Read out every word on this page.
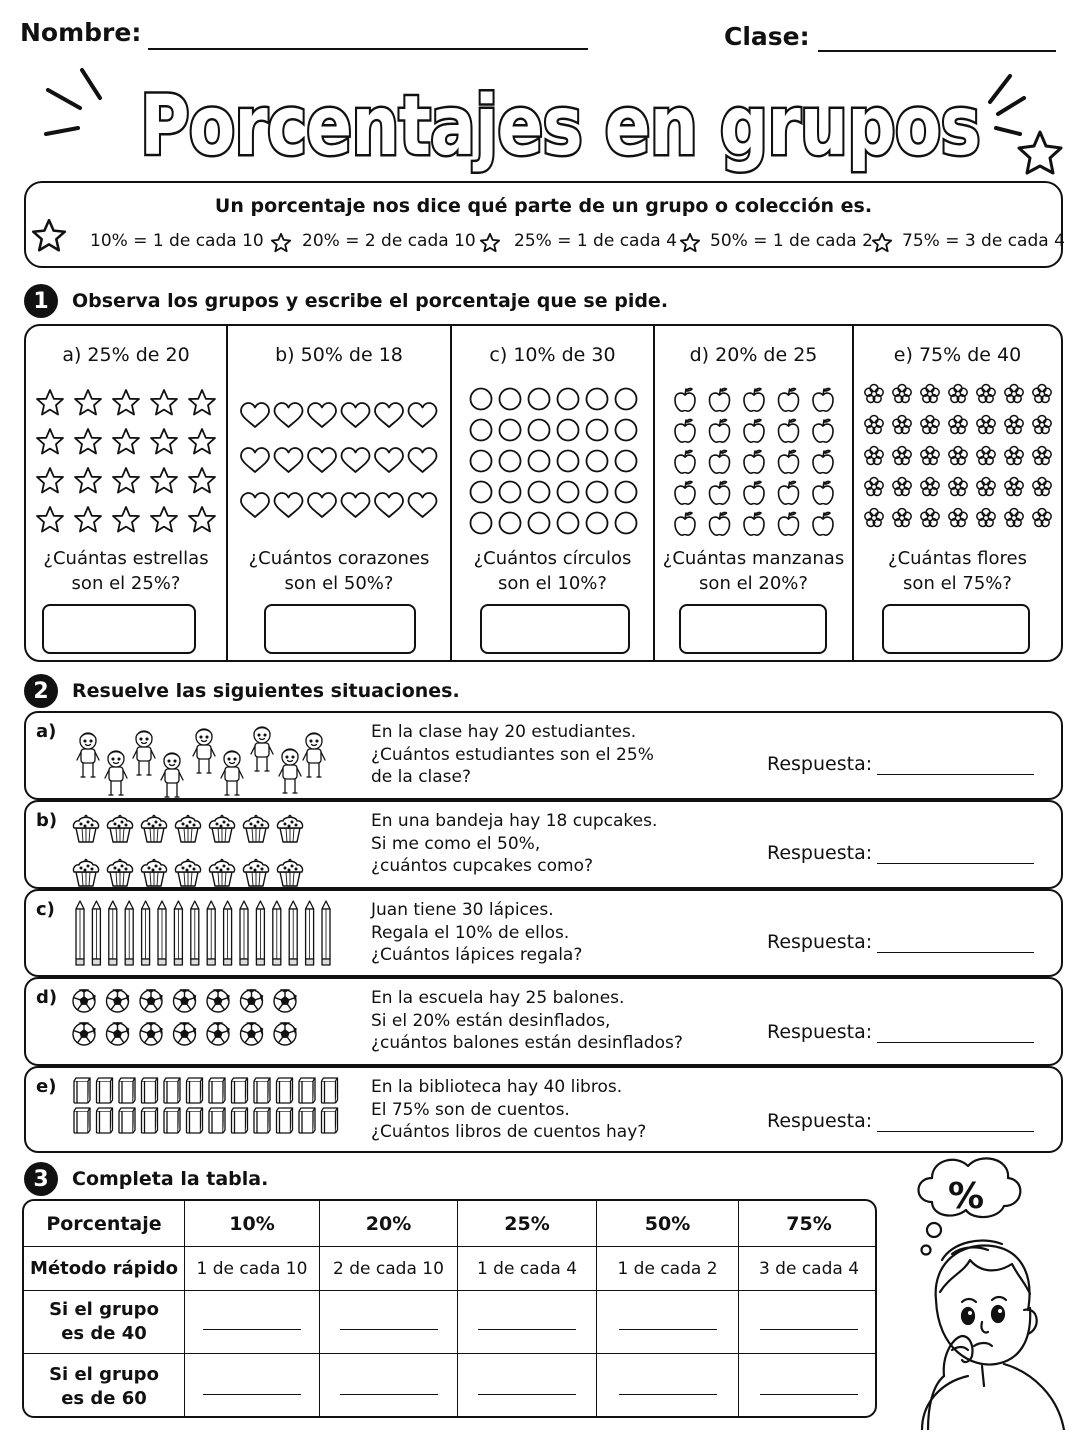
Nombre:	Clase:
Porcentajes en grupos
Un porcentaje nos dice qué parte de un grupo o colección es.
10% = 1 de cada 10 20% = 2 de cada 10 25% = 1 de cada 4 50% = 1 de cada 2 75% = 3 de cada 4
1	Observa los grupos y escribe el porcentaje que se pide.
a) 25% de 20
¿Cuántas estrellas
son el 25%?
b) 50% de 18
¿Cuántos corazones
son el 50%?
c) 10% de 30
¿Cuántos círculos
son el 10%?
d) 20% de 25
¿Cuántas manzanas
son el 20%?
e) 75% de 40
¿Cuántas flores
son el 75%?
2	Resuelve las siguientes situaciones.
a)	En la clase hay 20 estudiantes.
¿Cuántos estudiantes son el 25%
de la clase?
Respuesta:
b)	En una bandeja hay 18 cupcakes.
Si me como el 50%,
¿cuántos cupcakes como?
Respuesta:
c)	Juan tiene 30 lápices.
Regala el 10% de ellos.
¿Cuántos lápices regala?
Respuesta:
d)	En la escuela hay 25 balones.
Si el 20% están desinflados,
¿cuántos balones están desinflados?	Respuesta:
e)	En la biblioteca hay 40 libros.
El 75% son de cuentos.
¿Cuántos libros de cuentos hay?	Respuesta:
3	Completa la tabla.
Porcentaje	10%	20%	25%	50%	75%
Método rápido	1 de cada 10	2 de cada 10	1 de cada 4	1 de cada 2	3 de cada 4
Si el grupo
es de 40
Si el grupo
es de 60
%
